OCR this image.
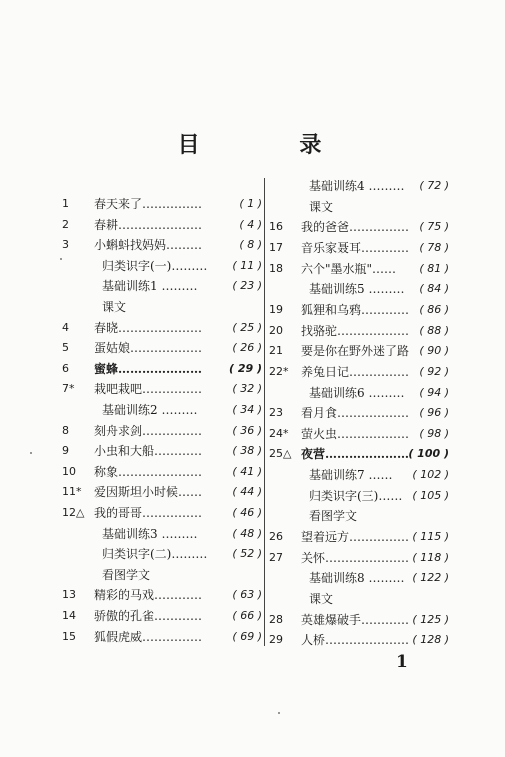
目 录
1	春天来了……………	( 1 )
2	春耕…………………	( 4 )
3	小蝌蚪找妈妈………	( 8 )
归类识字(一)……… ( 11 )
基础训练1 ………	( 23 )
课文
4	春晓…………………	( 25 )
5	蛋姑娘………………	( 26 )
6	蜜蜂………………… ( 29 )
7*	栽吧栽吧……………	( 32 )
基础训练2 ………	( 34 )
8	刻舟求剑……………	( 36 )
9	小虫和大船…………	( 38 )
10	称象…………………	( 41 )
11*	爱因斯坦小时候……	( 44 )
12△ 我的哥哥……………	( 46 )
基础训练3 ………	( 48 )
归类识字(二)……… ( 52 )
看图学文
13	精彩的马戏…………	( 63 )
14	骄傲的孔雀…………	( 66 )
15	狐假虎威……………	( 69 )
基础训练4 ……… ( 72 )
课文
16	我的爸爸…………… ( 75 )
17	音乐家聂耳………… ( 78 )
18	六个"墨水瓶"…… ( 81 )
基础训练5 ……… ( 84 )
19	狐狸和乌鸦………… ( 86 )
20	找骆驼……………… ( 88 )
21	要是你在野外迷了路 ( 90 )
22*	养兔日记…………… ( 92 )
基础训练6 ……… ( 94 )
23	看月食……………… ( 96 )
24*	萤火虫……………… ( 98 )
25△ 夜营………………… ( 100 )
基础训练7 …… ( 102 )
归类识字(三)…… ( 105 )
看图学文
26	望着远方…………… ( 115 )
27	关怀………………… ( 118 )
基础训练8 ……… ( 122 )
课文
28	英雄爆破手………… ( 125 )
29	人桥………………… ( 128 )
1
